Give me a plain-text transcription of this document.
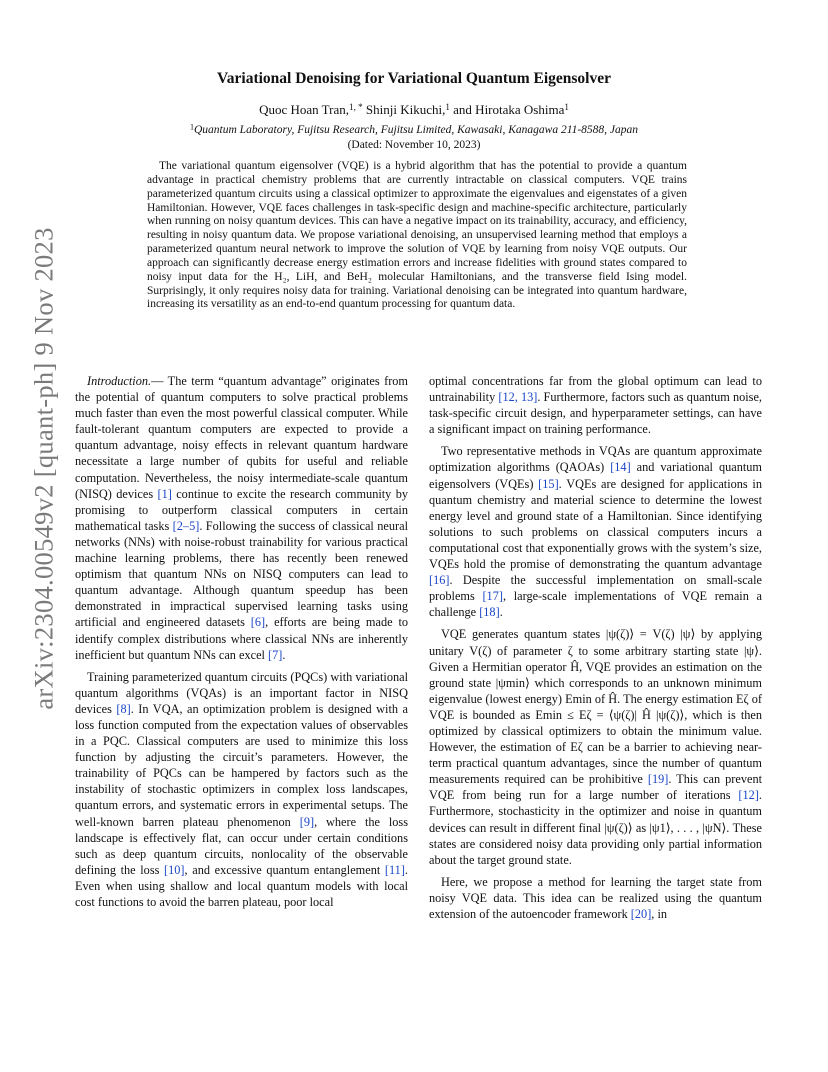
arXiv:2304.00549v2 [quant-ph] 9 Nov 2023
Variational Denoising for Variational Quantum Eigensolver
Quoc Hoan Tran,$^{1, *}$ Shinji Kikuchi,$^1$ and Hirotaka Oshima$^1$
$^1$Quantum Laboratory, Fujitsu Research, Fujitsu Limited, Kawasaki, Kanagawa 211-8588, Japan
(Dated: November 10, 2023)

The variational quantum eigensolver (VQE) is a hybrid algorithm that has the potential to provide a quantum advantage in practical chemistry problems that are currently intractable on classical computers. VQE trains parameterized quantum circuits using a classical optimizer to approximate the eigenvalues and eigenstates of a given Hamiltonian. However, VQE faces challenges in task-specific design and machine-specific architecture, particularly when running on noisy quantum devices. This can have a negative impact on its trainability, accuracy, and efficiency, resulting in noisy quantum data. We propose variational denoising, an unsupervised learning method that employs a parameterized quantum neural network to improve the solution of VQE by learning from noisy VQE outputs. Our approach can significantly decrease energy estimation errors and increase fidelities with ground states compared to noisy input data for the H₂, LiH, and BeH₂ molecular Hamiltonians, and the transverse field Ising model. Surprisingly, it only requires noisy data for training. Variational denoising can be integrated into quantum hardware, increasing its versatility as an end-to-end quantum processing for quantum data.

Introduction.— The term “quantum advantage” originates from the potential of quantum computers to solve practical problems much faster than even the most powerful classical computer. While fault-tolerant quantum computers are expected to provide a quantum advantage, noisy effects in relevant quantum hardware necessitate a large number of qubits for useful and reliable computation. Nevertheless, the noisy intermediate-scale quantum (NISQ) devices [1] continue to excite the research community by promising to outperform classical computers in certain mathematical tasks [2–5]. Following the success of classical neural networks (NNs) with noise-robust trainability for various practical machine learning problems, there has recently been renewed optimism that quantum NNs on NISQ computers can lead to quantum advantage. Although quantum speedup has been demonstrated in impractical supervised learning tasks using artificial and engineered datasets [6], efforts are being made to identify complex distributions where classical NNs are inherently inefficient but quantum NNs can excel [7].

Training parameterized quantum circuits (PQCs) with variational quantum algorithms (VQAs) is an important factor in NISQ devices [8]. In VQA, an optimization problem is designed with a loss function computed from the expectation values of observables in a PQC. Classical computers are used to minimize this loss function by adjusting the circuit’s parameters. However, the trainability of PQCs can be hampered by factors such as the instability of stochastic optimizers in complex loss landscapes, quantum errors, and systematic errors in experimental setups. The well-known barren plateau phenomenon [9], where the loss landscape is effectively flat, can occur under certain conditions such as deep quantum circuits, nonlocality of the observable defining the loss [10], and excessive quantum entanglement [11]. Even when using shallow and local quantum models with local cost functions to avoid the barren plateau, poor local

optimal concentrations far from the global optimum can lead to untrainability [12, 13]. Furthermore, factors such as quantum noise, task-specific circuit design, and hyperparameter settings, can have a significant impact on training performance.

Two representative methods in VQAs are quantum approximate optimization algorithms (QAOAs) [14] and variational quantum eigensolvers (VQEs) [15]. VQEs are designed for applications in quantum chemistry and material science to determine the lowest energy level and ground state of a Hamiltonian. Since identifying solutions to such problems on classical computers incurs a computational cost that exponentially grows with the system’s size, VQEs hold the promise of demonstrating the quantum advantage [16]. Despite the successful implementation on small-scale problems [17], large-scale implementations of VQE remain a challenge [18].

VQE generates quantum states |ψ(ζ)⟩ = V(ζ) |ψ⟩ by applying unitary V(ζ) of parameter ζ to some arbitrary starting state |ψ⟩. Given a Hermitian operator Ĥ, VQE provides an estimation on the ground state |ψmin⟩ which corresponds to an unknown minimum eigenvalue (lowest energy) Emin of Ĥ. The energy estimation Eζ of VQE is bounded as Emin ≤ Eζ = ⟨ψ(ζ)| Ĥ |ψ(ζ)⟩, which is then optimized by classical optimizers to obtain the minimum value. However, the estimation of Eζ can be a barrier to achieving near-term practical quantum advantages, since the number of quantum measurements required can be prohibitive [19]. This can prevent VQE from being run for a large number of iterations [12]. Furthermore, stochasticity in the optimizer and noise in quantum devices can result in different final |ψ(ζ)⟩ as |ψ1⟩, . . . , |ψN⟩. These states are considered noisy data providing only partial information about the target ground state.

Here, we propose a method for learning the target state from noisy VQE data. This idea can be realized using the quantum extension of the autoencoder framework [20], in
